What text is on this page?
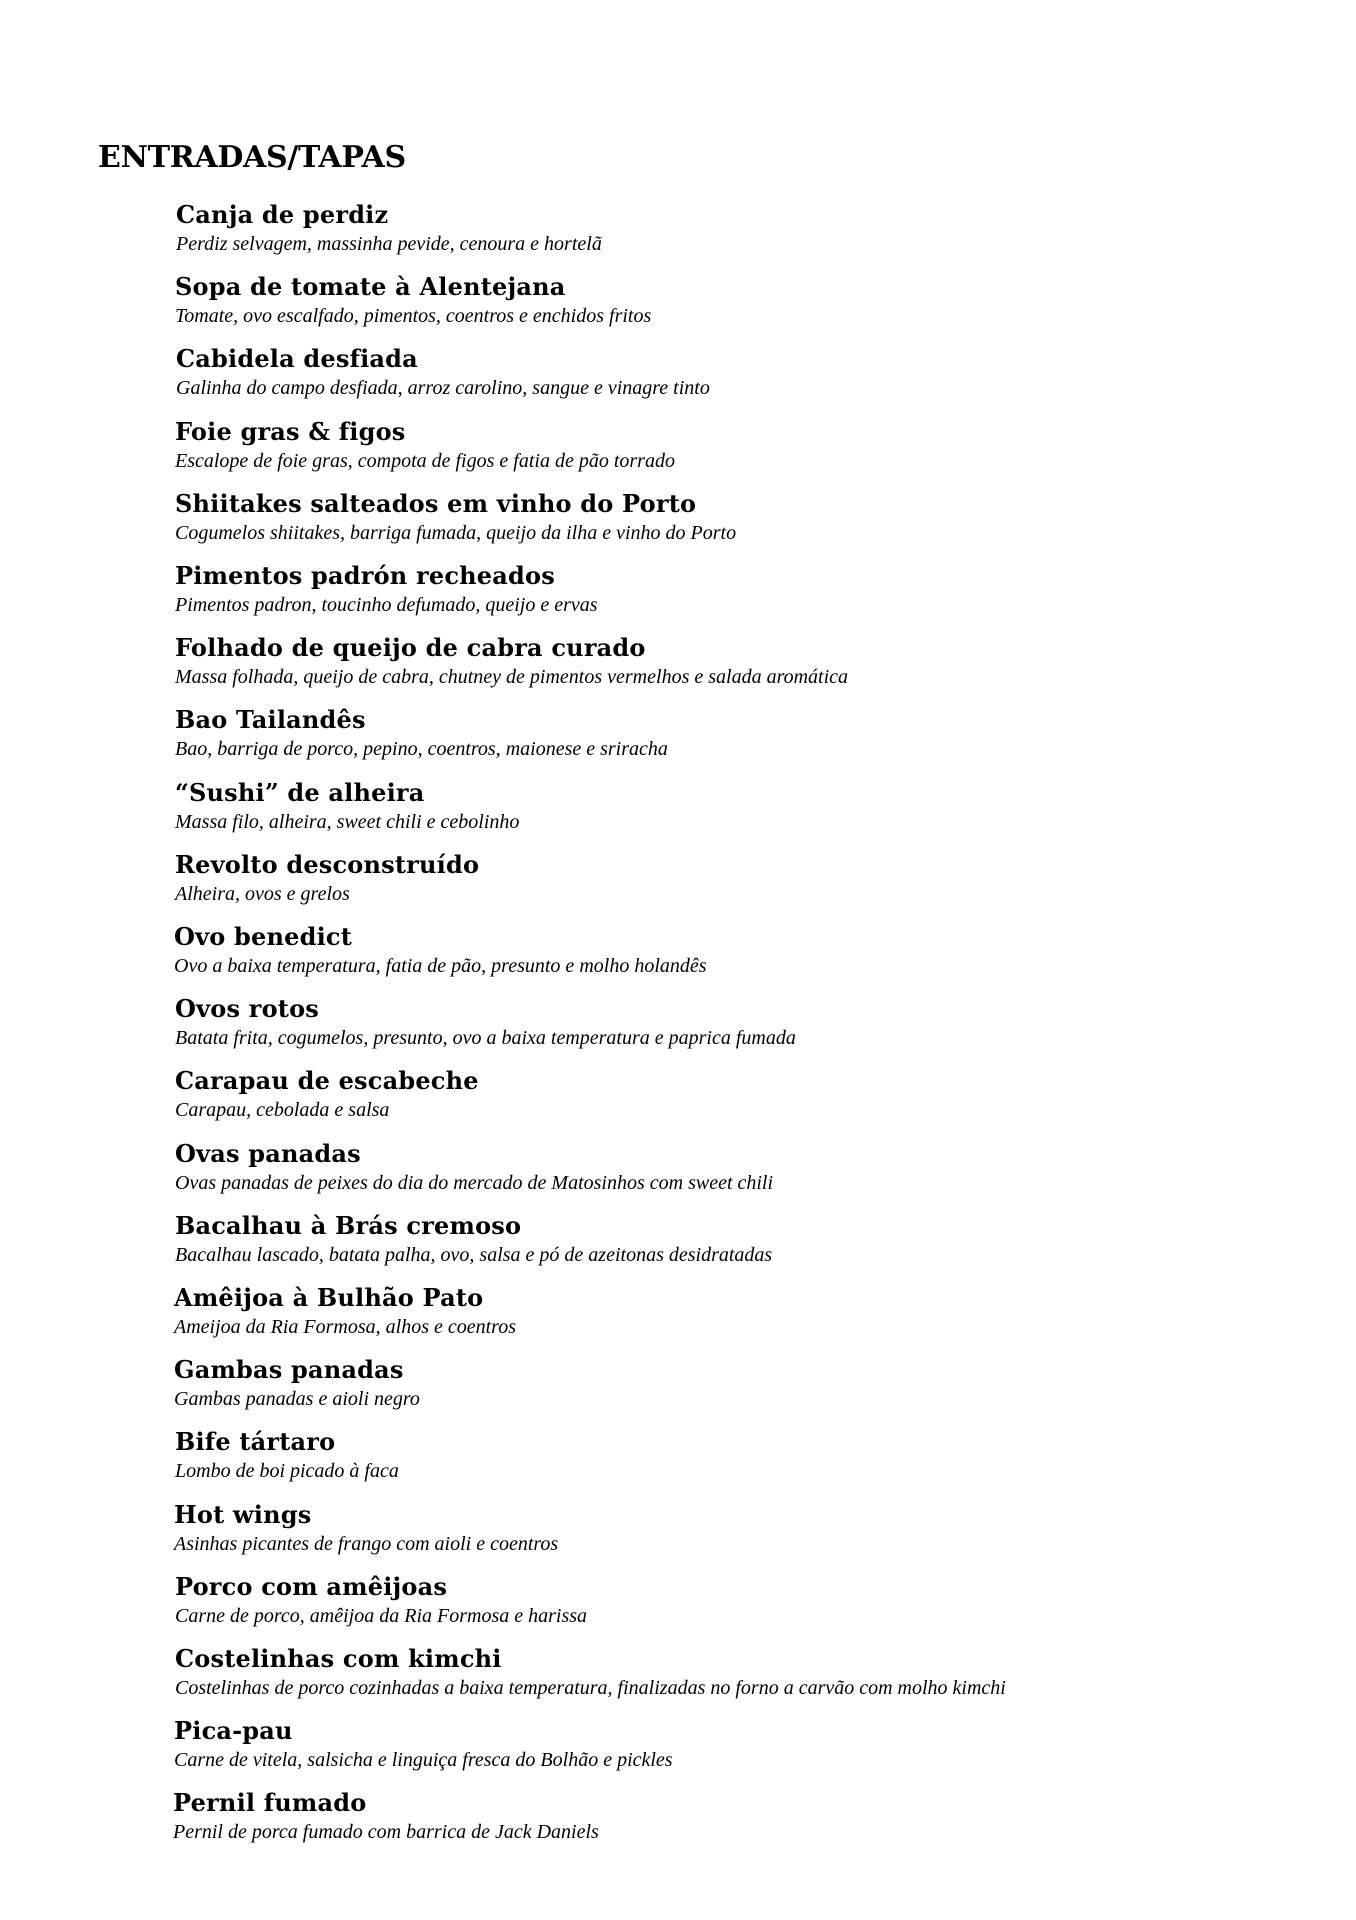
ENTRADAS/TAPAS
Canja de perdiz
Perdiz selvagem, massinha pevide, cenoura e hortelã
Sopa de tomate à Alentejana
Tomate, ovo escalfado, pimentos, coentros e enchidos fritos
Cabidela desfiada
Galinha do campo desfiada, arroz carolino, sangue e vinagre tinto
Foie gras & figos
Escalope de foie gras, compota de figos e fatia de pão torrado
Shiitakes salteados em vinho do Porto
Cogumelos shiitakes, barriga fumada, queijo da ilha e vinho do Porto
Pimentos padrón recheados
Pimentos padron, toucinho defumado, queijo e ervas
Folhado de queijo de cabra curado
Massa folhada, queijo de cabra, chutney de pimentos vermelhos e salada aromática
Bao Tailandês
Bao, barriga de porco, pepino, coentros, maionese e sriracha
“Sushi” de alheira
Massa filo, alheira, sweet chili e cebolinho
Revolto desconstruído
Alheira, ovos e grelos
Ovo benedict
Ovo a baixa temperatura, fatia de pão, presunto e molho holandês
Ovos rotos
Batata frita, cogumelos, presunto, ovo a baixa temperatura e paprica fumada
Carapau de escabeche
Carapau, cebolada e salsa
Ovas panadas
Ovas panadas de peixes do dia do mercado de Matosinhos com sweet chili
Bacalhau à Brás cremoso
Bacalhau lascado, batata palha, ovo, salsa e pó de azeitonas desidratadas
Amêijoa à Bulhão Pato
Ameijoa da Ria Formosa, alhos e coentros
Gambas panadas
Gambas panadas e aioli negro
Bife tártaro
Lombo de boi picado à faca
Hot wings
Asinhas picantes de frango com aioli e coentros
Porco com amêijoas
Carne de porco, amêijoa da Ria Formosa e harissa
Costelinhas com kimchi
Costelinhas de porco cozinhadas a baixa temperatura, finalizadas no forno a carvão com molho kimchi
Pica-pau
Carne de vitela, salsicha e linguiça fresca do Bolhão e pickles
Pernil fumado
Pernil de porca fumado com barrica de Jack Daniels
